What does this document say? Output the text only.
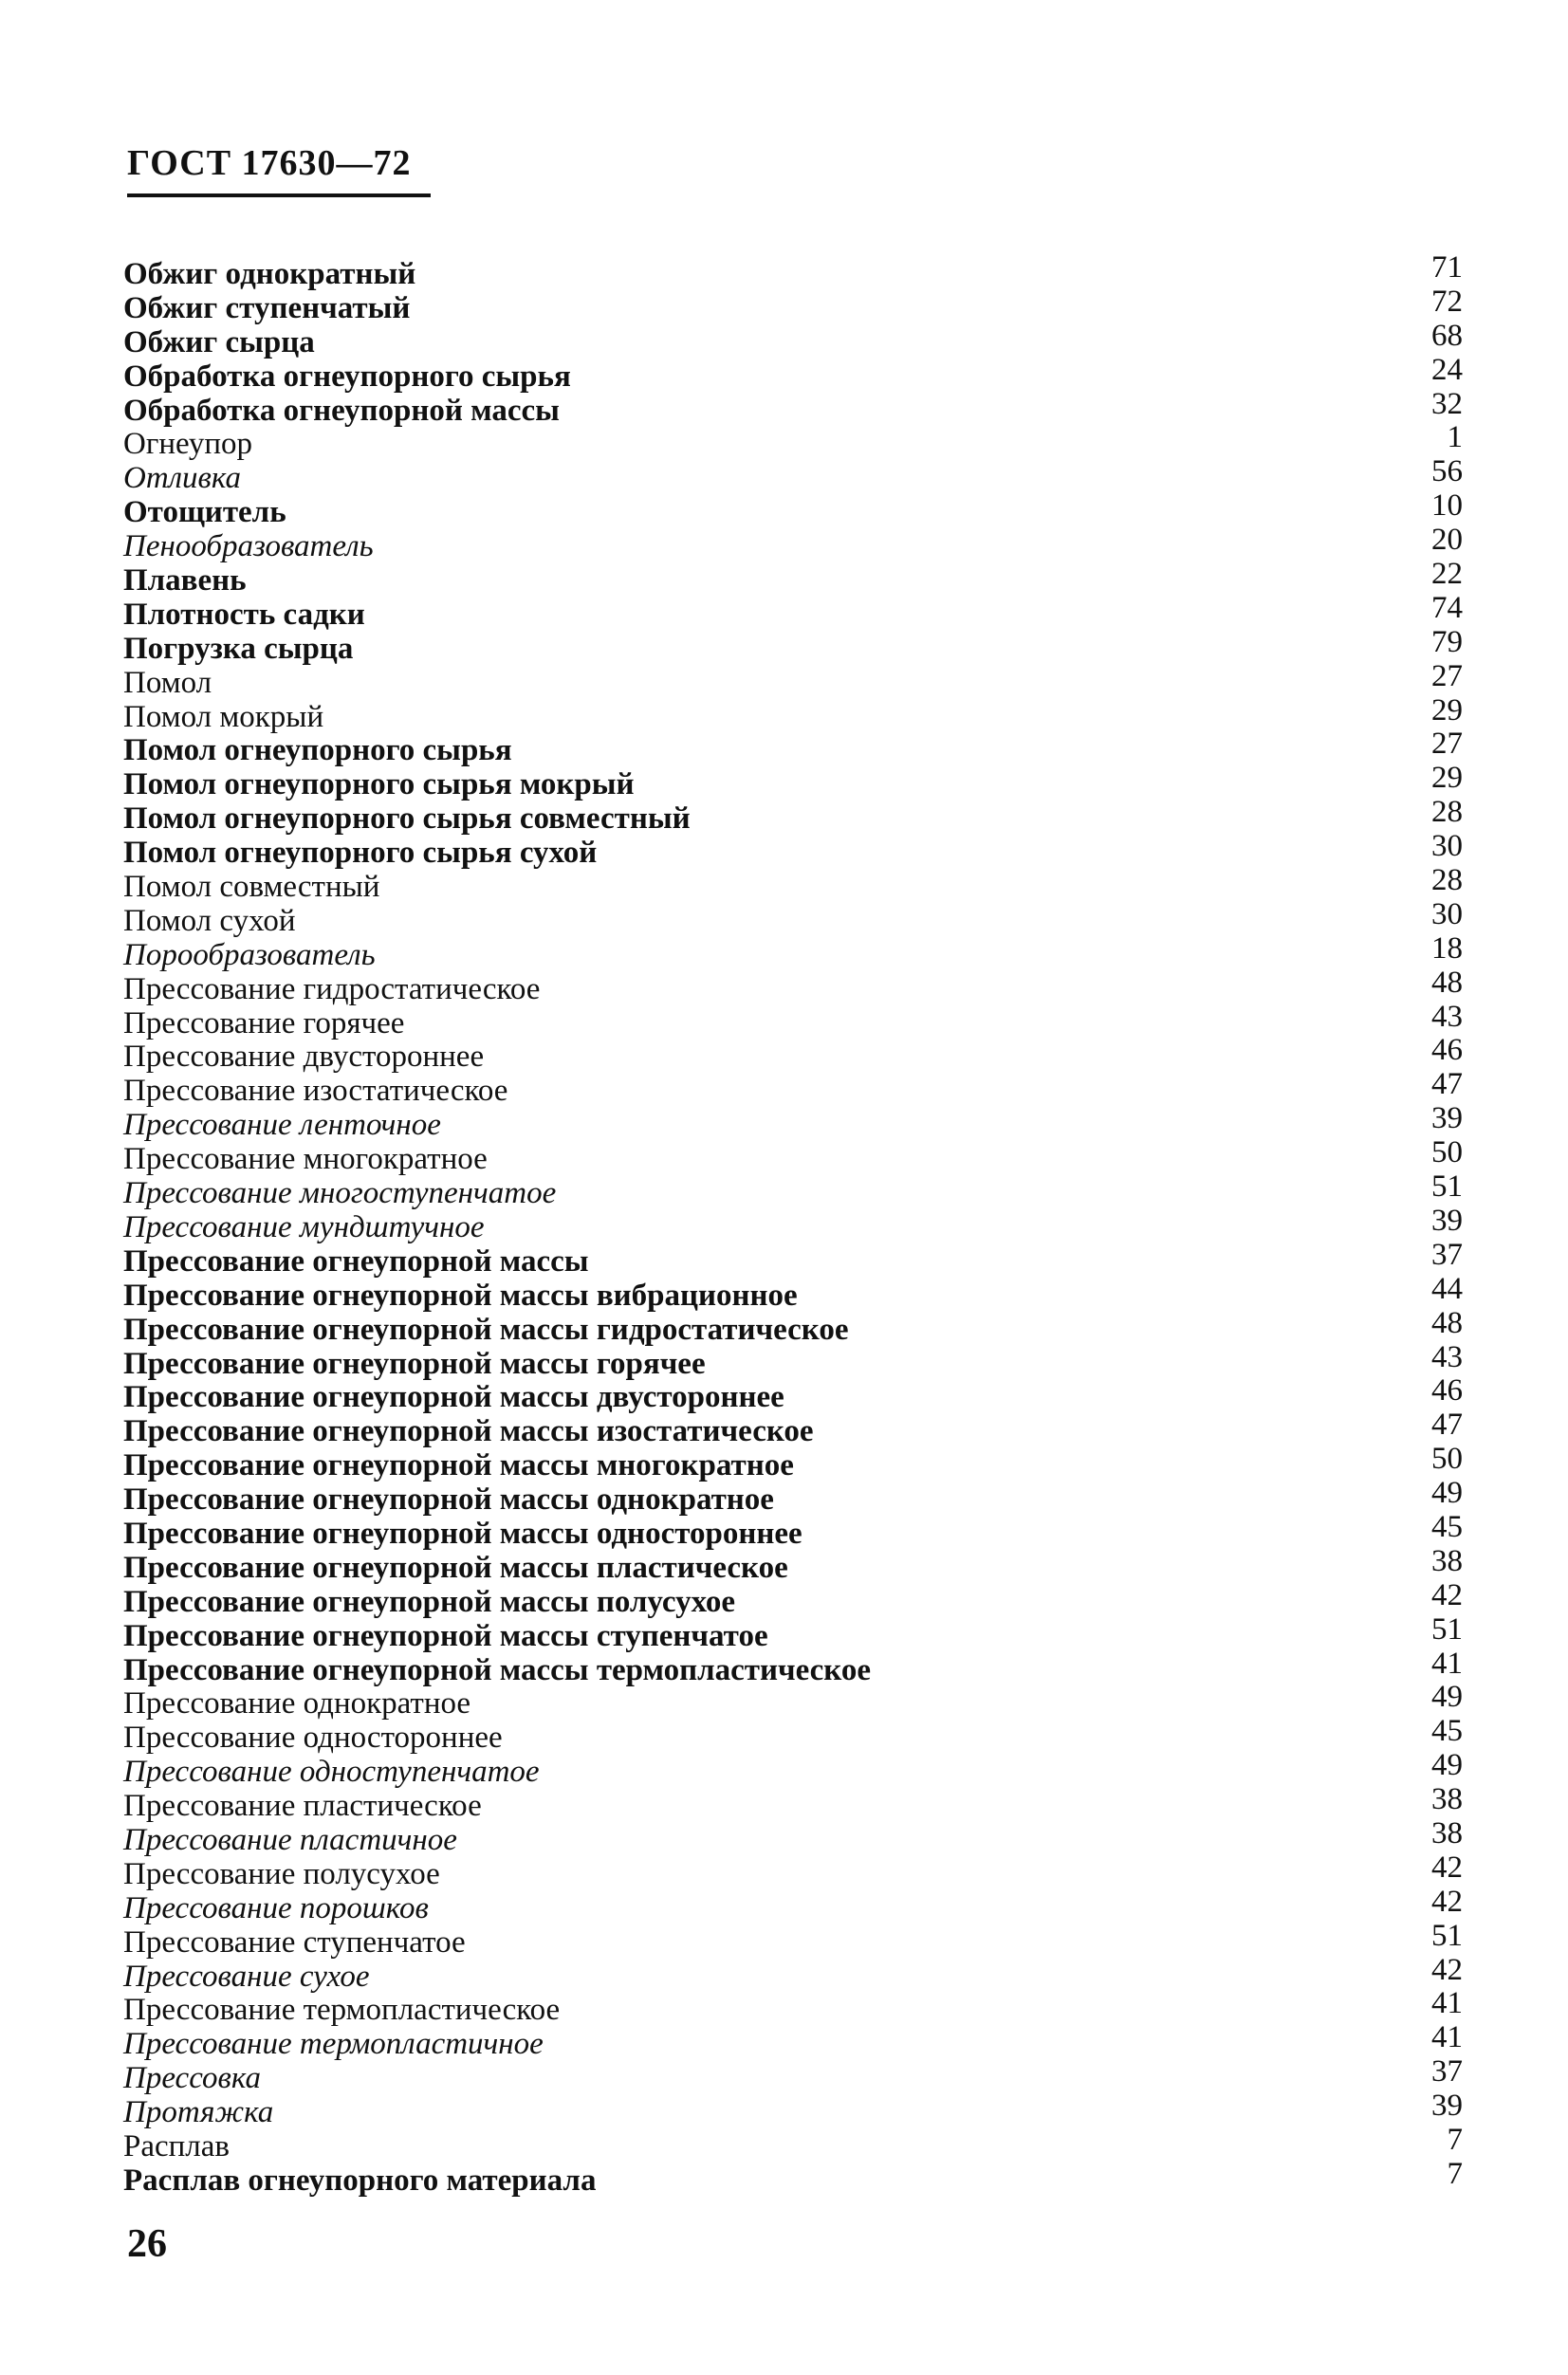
ГОСТ 17630—72
Обжиг однократный	71
Обжиг ступенчатый	72
Обжиг сырца	68
Обработка огнеупорного сырья	24
Обработка огнеупорной массы	32
Огнеупор	1
Отливка	56
Отощитель	10
Пенообразователь	20
Плавень	22
Плотность садки	74
Погрузка сырца	79
Помол	27
Помол мокрый	29
Помол огнеупорного сырья	27
Помол огнеупорного сырья мокрый	29
Помол огнеупорного сырья совместный	28
Помол огнеупорного сырья сухой	30
Помол совместный	28
Помол сухой	30
Порообразователь	18
Прессование гидростатическое	48
Прессование горячее	43
Прессование двустороннее	46
Прессование изостатическое	47
Прессование ленточное	39
Прессование многократное	50
Прессование многоступенчатое	51
Прессование мундштучное	39
Прессование огнеупорной массы	37
Прессование огнеупорной массы вибрационное	44
Прессование огнеупорной массы гидростатическое	48
Прессование огнеупорной массы горячее	43
Прессование огнеупорной массы двустороннее	46
Прессование огнеупорной массы изостатическое	47
Прессование огнеупорной массы многократное	50
Прессование огнеупорной массы однократное	49
Прессование огнеупорной массы одностороннее	45
Прессование огнеупорной массы пластическое	38
Прессование огнеупорной массы полусухое	42
Прессование огнеупорной массы ступенчатое	51
Прессование огнеупорной массы термопластическое	41
Прессование однократное	49
Прессование одностороннее	45
Прессование одноступенчатое	49
Прессование пластическое	38
Прессование пластичное	38
Прессование полусухое	42
Прессование порошков	42
Прессование ступенчатое	51
Прессование сухое	42
Прессование термопластическое	41
Прессование термопластичное	41
Прессовка	37
Протяжка	39
Расплав	7
Расплав огнеупорного материала	7
26
